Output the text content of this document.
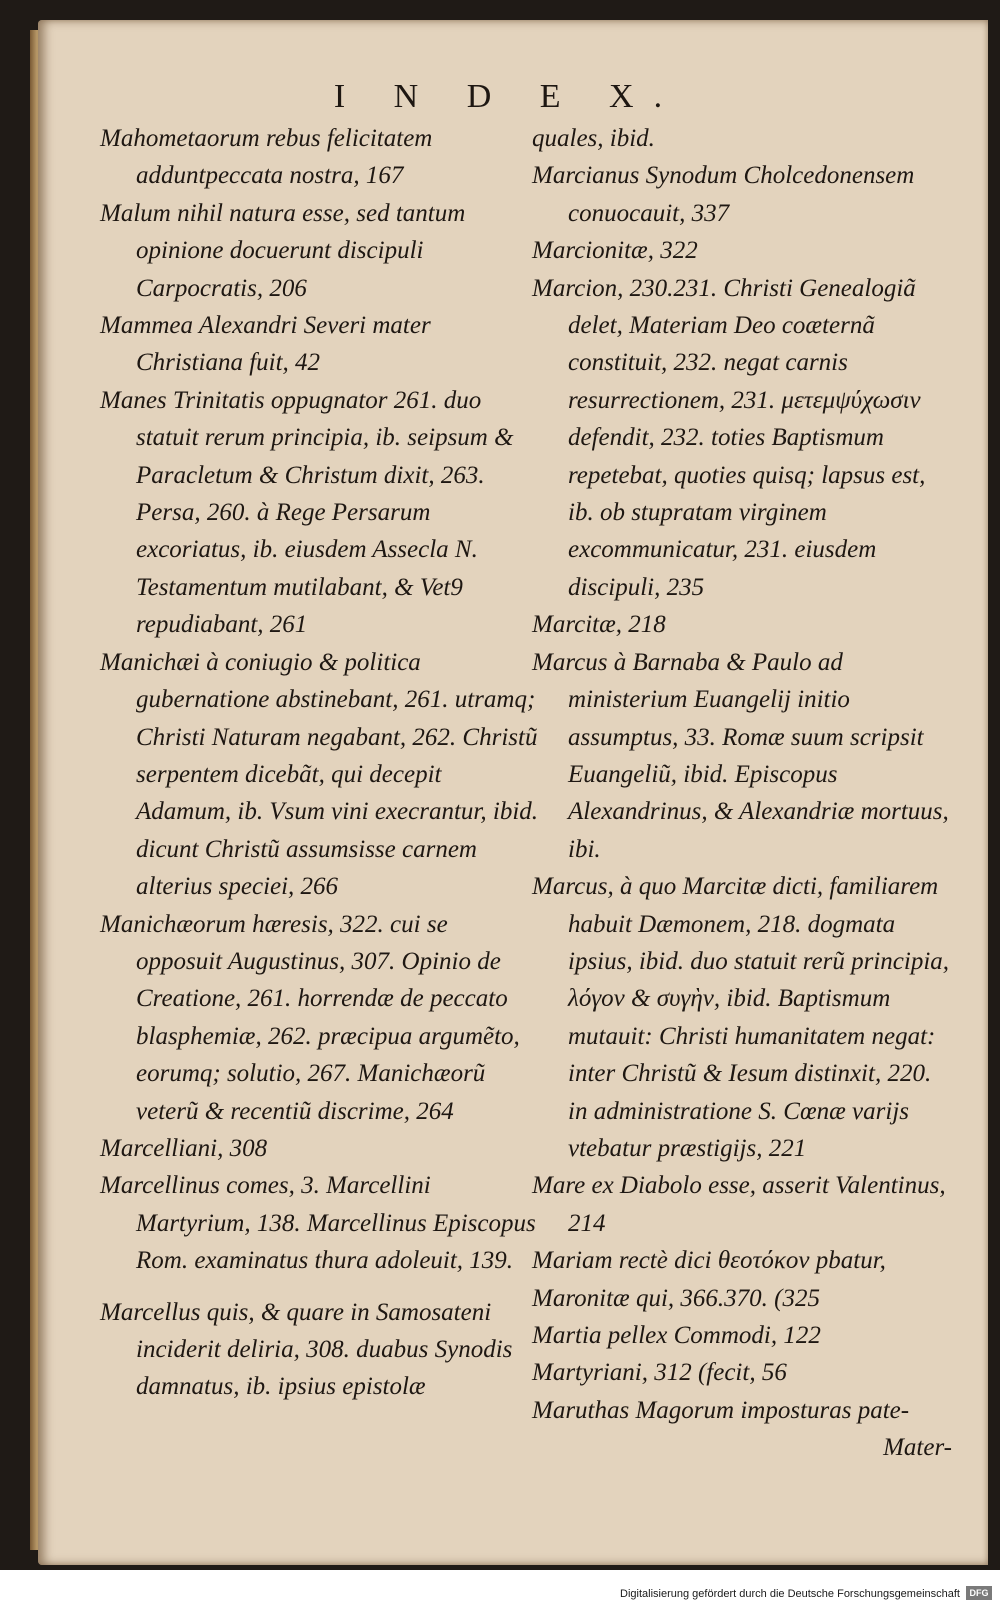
I N D E X.

Mahometaorum rebus felicitatem adduntpeccata nostra, 167

Malum nihil natura esse, sed tantum opinione docuerunt discipuli Carpocratis, 206

Mammea Alexandri Severi mater Christiana fuit, 42

Manes Trinitatis oppugnator 261. duo statuit rerum principia, ib. seipsum & Paracletum & Christum dixit, 263. Persa, 260. à Rege Persarum excoriatus, ib. eiusdem Assecla N. Testamentum mutilabant, & Vet9 repudiabant, 261

Manichæi à coniugio & politica gubernatione abstinebant, 261. utramq; Christi Naturam negabant, 262. Christũ serpentem dicebãt, qui decepit Adamum, ib. Vsum vini execrantur, ibid. dicunt Christũ assumsisse carnem alterius speciei, 266

Manichæorum hæresis, 322. cui se opposuit Augustinus, 307. Opinio de Creatione, 261. horrendæ de peccato blasphemiæ, 262. præcipua argumẽto, eorumq; solutio, 267. Manichæorũ veterũ & recentiũ discrime, 264

Marcelliani, 308

Marcellinus comes, 3. Marcellini Martyrium, 138. Marcellinus Episcopus Rom. examinatus thura adoleuit, 139.

Marcellus quis, & quare in Samosateni inciderit deliria, 308. duabus Synodis damnatus, ib. ipsius epistolæ

quales, ibid.

Marcianus Synodum Cholcedonensem conuocauit, 337

Marcionitæ, 322

Marcion, 230.231. Christi Genealogiã delet, Materiam Deo coæternã constituit, 232. negat carnis resurrectionem, 231. μετεμψύχωσιν defendit, 232. toties Baptismum repetebat, quoties quisq; lapsus est, ib. ob stupratam virginem excommunicatur, 231. eiusdem discipuli, 235

Marcitæ, 218

Marcus à Barnaba & Paulo ad ministerium Euangelij initio assumptus, 33. Romæ suum scripsit Euangeliũ, ibid. Episcopus Alexandrinus, & Alexandriæ mortuus, ibi.

Marcus, à quo Marcitæ dicti, familiarem habuit Dæmonem, 218. dogmata ipsius, ibid. duo statuit rerũ principia, λόγον & συγὴν, ibid. Baptismum mutauit: Christi humanitatem negat: inter Christũ & Iesum distinxit, 220. in administratione S. Cœnæ varijs vtebatur præstigijs, 221

Mare ex Diabolo esse, asserit Valentinus, 214

Mariam rectè dici θεοτόκον pbatur,

Maronitæ qui, 366.370. (325

Martia pellex Commodi, 122

Martyriani, 312 (fecit, 56

Maruthas Magorum imposturas pate-

Mater-

Digitalisierung gefördert durch die Deutsche Forschungsgemeinschaft	DFG
